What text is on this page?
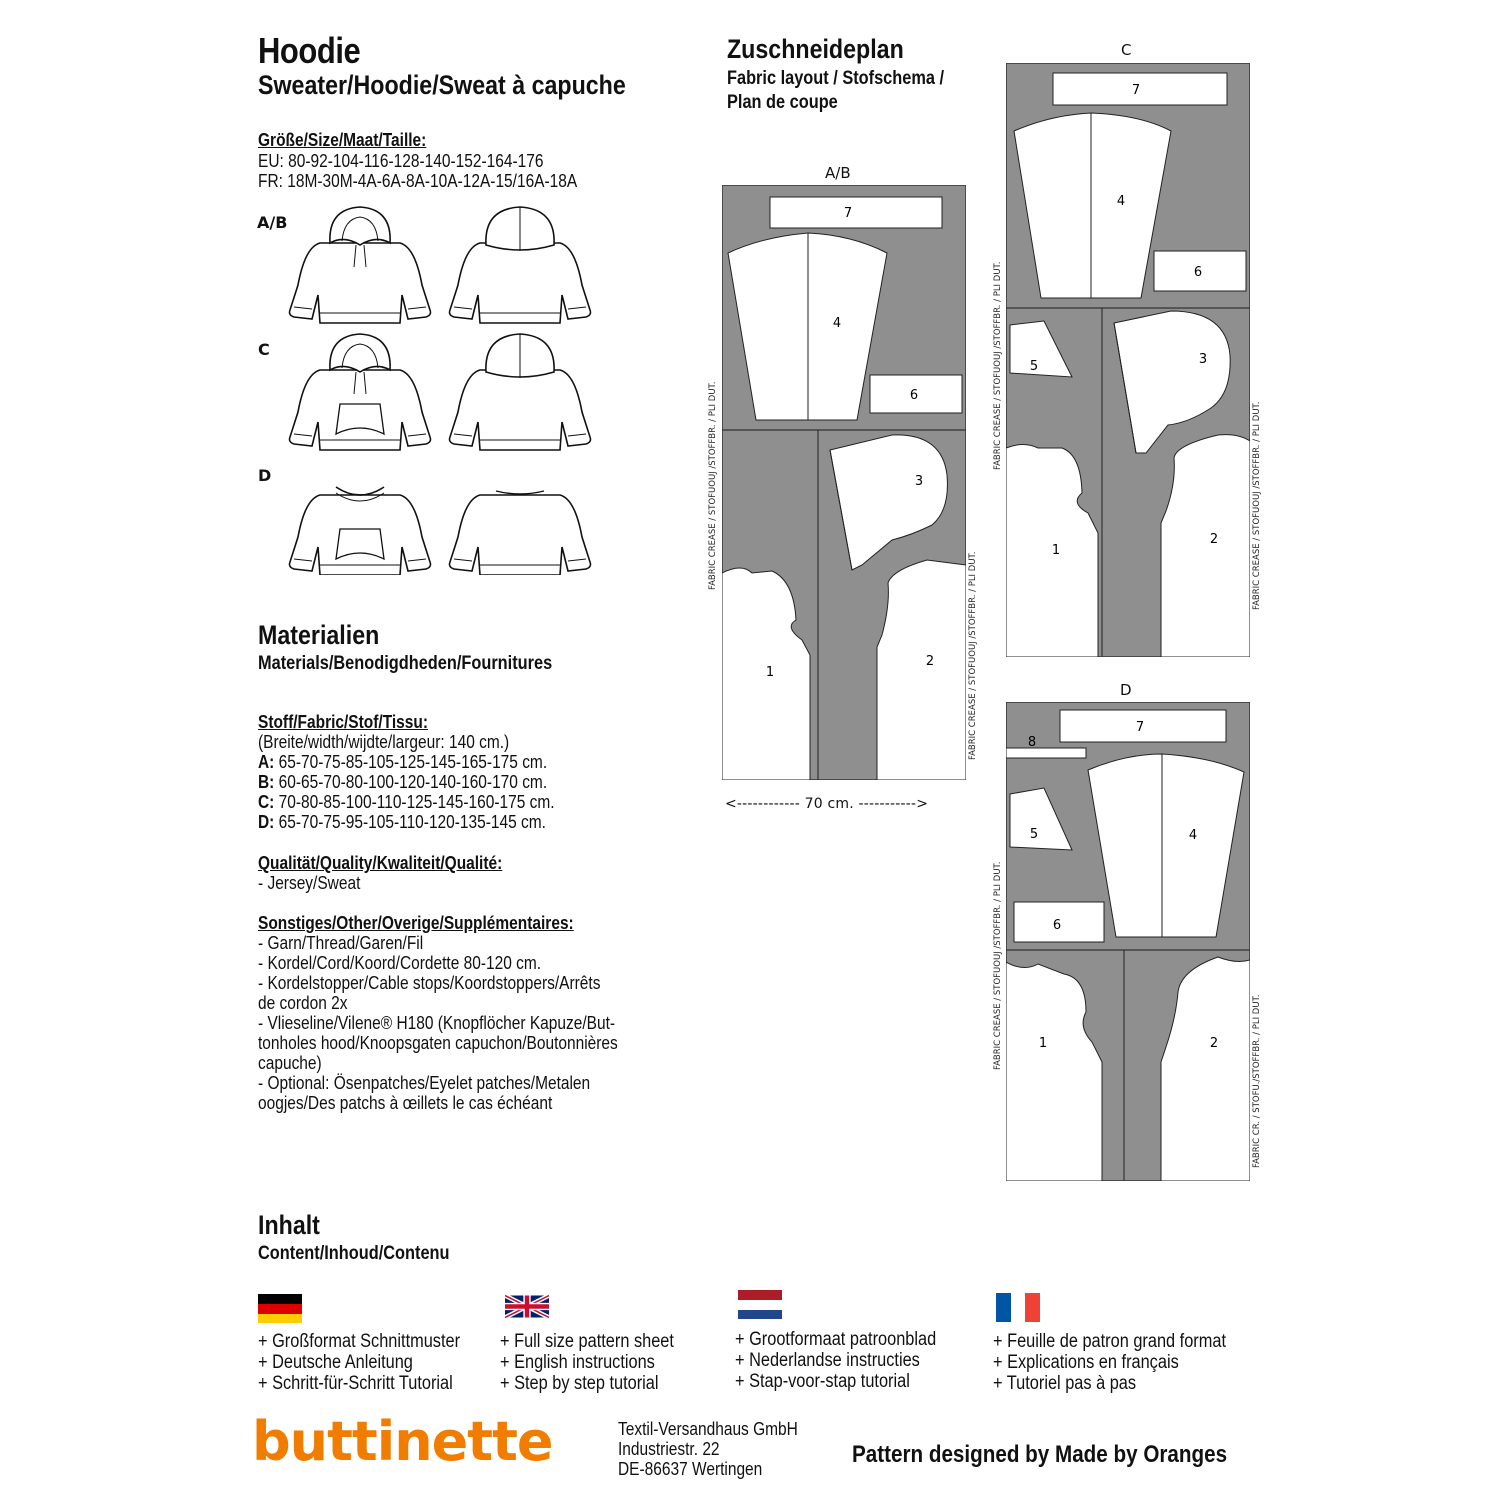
Hoodie
Sweater/Hoodie/Sweat à capuche
Größe/Size/Maat/Taille:
EU: 80-92-104-116-128-140-152-164-176
FR: 18M-30M-4A-6A-8A-10A-12A-15/16A-18A
A/B
C
D
Materialien
Materials/Benodigdheden/Fournitures
Stoff/Fabric/Stof/Tissu:
(Breite/width/wijdte/largeur: 140 cm.)
A: 65-70-75-85-105-125-145-165-175 cm.
B: 60-65-70-80-100-120-140-160-170 cm.
C: 70-80-85-100-110-125-145-160-175 cm.
D: 65-70-75-95-105-110-120-135-145 cm.
Qualität/Quality/Kwaliteit/Qualité:
- Jersey/Sweat
Sonstiges/Other/Overige/Supplémentaires:
- Garn/Thread/Garen/Fil
- Kordel/Cord/Koord/Cordette 80-120 cm.
- Kordelstopper/Cable stops/Koordstoppers/Arrêts
de cordon 2x
- Vlieseline/Vilene® H180 (Knopflöcher Kapuze/But-
tonholes hood/Knoopsgaten capuchon/Boutonnières
capuche)
- Optional: Ösenpatches/Eyelet patches/Metalen
oogjes/Des patchs à œillets le cas échéant
Zuschneideplan
Fabric layout / Stofschema /
Plan de coupe
A/B
C
D
7
4
6
3
1
2
FABRIC CREASE / STOFUOUJ /STOFFBR. / PLI DUT.
FABRIC CREASE / STOFUOUJ /STOFFBR. / PLI DUT.
<------------ 70 cm. ----------->
7
4
6
5	3
1
2
FABRIC CREASE / STOFUOUJ /STOFFBR. / PLI DUT.
FABRIC CREASE / STOFUOUJ /STOFFBR. / PLI DUT.
7
8
5	4
6
1	2
FABRIC CREASE / STOFUOUJ /STOFFBR. / PLI DUT.
FABRIC CR. / STOFU./STOFFBR. / PLI DUT.
Inhalt
Content/Inhoud/Contenu
+ Großformat Schnittmuster
+ Deutsche Anleitung
+ Schritt-für-Schritt Tutorial
+ Full size pattern sheet
+ English instructions
+ Step by step tutorial
+ Grootformaat patroonblad
+ Nederlandse instructies
+ Stap-voor-stap tutorial
+ Feuille de patron grand format
+ Explications en français
+ Tutoriel pas à pas
buttinette	Textil-Versandhaus GmbH
Industriestr. 22
DE-86637 Wertingen
Pattern designed by Made by Oranges
